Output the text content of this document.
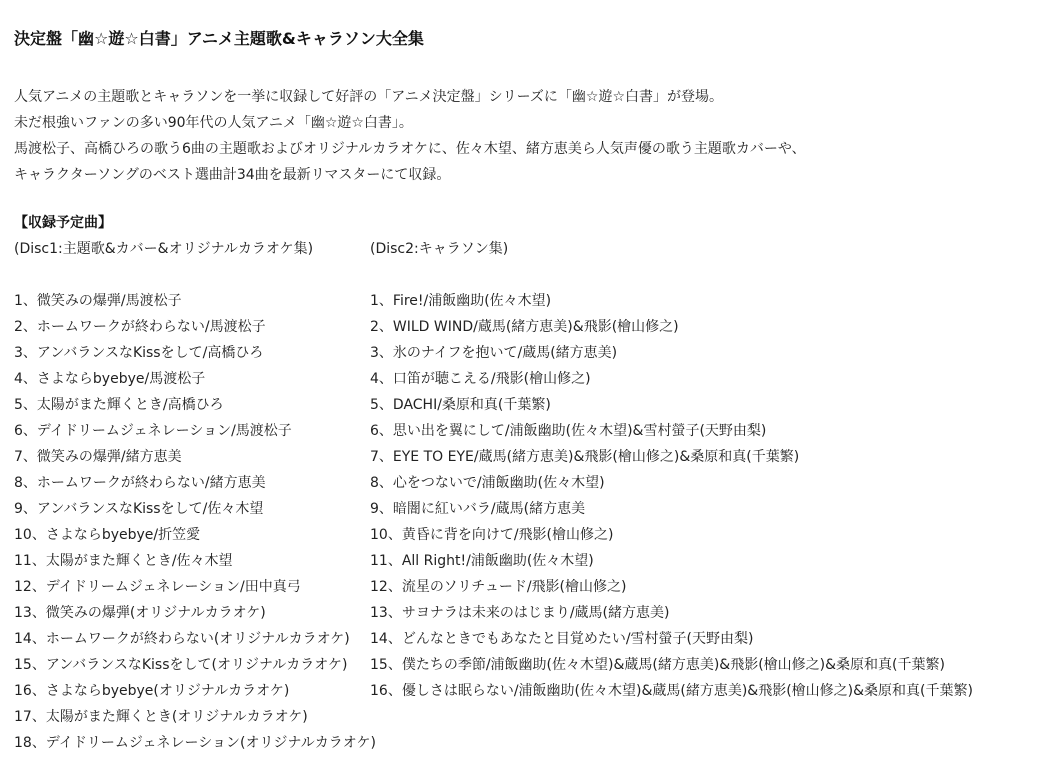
決定盤「幽☆遊☆白書」アニメ主題歌&キャラソン大全集
人気アニメの主題歌とキャラソンを一挙に収録して好評の「アニメ決定盤」シリーズに「幽☆遊☆白書」が登場。
未だ根強いファンの多い90年代の人気アニメ「幽☆遊☆白書」。
馬渡松子、高橋ひろの歌う6曲の主題歌およびオリジナルカラオケに、佐々木望、緒方恵美ら人気声優の歌う主題歌カバーや、
キャラクターソングのベスト選曲計34曲を最新リマスターにて収録。
【収録予定曲】
(Disc1:主題歌&カバー&オリジナルカラオケ集)
1、微笑みの爆弾/馬渡松子
2、ホームワークが終わらない/馬渡松子
3、アンバランスなKissをして/高橋ひろ
4、さよならbyebye/馬渡松子
5、太陽がまた輝くとき/高橋ひろ
6、デイドリームジェネレーション/馬渡松子
7、微笑みの爆弾/緒方恵美
8、ホームワークが終わらない/緒方恵美
9、アンバランスなKissをして/佐々木望
10、さよならbyebye/折笠愛
11、太陽がまた輝くとき/佐々木望
12、デイドリームジェネレーション/田中真弓
13、微笑みの爆弾(オリジナルカラオケ)
14、ホームワークが終わらない(オリジナルカラオケ)
15、アンバランスなKissをして(オリジナルカラオケ)
16、さよならbyebye(オリジナルカラオケ)
17、太陽がまた輝くとき(オリジナルカラオケ)
18、デイドリームジェネレーション(オリジナルカラオケ)
(Disc2:キャラソン集)
1、Fire!/浦飯幽助(佐々木望)
2、WILD WIND/蔵馬(緒方恵美)&飛影(檜山修之)
3、氷のナイフを抱いて/蔵馬(緒方恵美)
4、口笛が聴こえる/飛影(檜山修之)
5、DACHI/桑原和真(千葉繁)
6、思い出を翼にして/浦飯幽助(佐々木望)&雪村螢子(天野由梨)
7、EYE TO EYE/蔵馬(緒方恵美)&飛影(檜山修之)&桑原和真(千葉繁)
8、心をつないで/浦飯幽助(佐々木望)
9、暗闇に紅いバラ/蔵馬(緒方恵美
10、黄昏に背を向けて/飛影(檜山修之)
11、All Right!/浦飯幽助(佐々木望)
12、流星のソリチュード/飛影(檜山修之)
13、サヨナラは未来のはじまり/蔵馬(緒方恵美)
14、どんなときでもあなたと目覚めたい/雪村螢子(天野由梨)
15、僕たちの季節/浦飯幽助(佐々木望)&蔵馬(緒方恵美)&飛影(檜山修之)&桑原和真(千葉繁)
16、優しさは眠らない/浦飯幽助(佐々木望)&蔵馬(緒方恵美)&飛影(檜山修之)&桑原和真(千葉繁)
